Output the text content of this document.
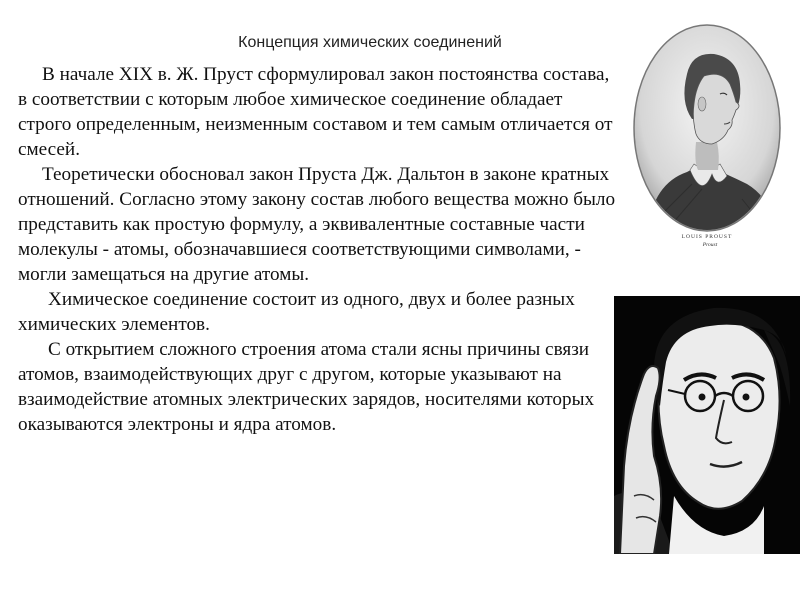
Концепция химических соединений

В начале XIX в. Ж. Пруст сформулировал закон постоянства состава, в соответствии с которым любое химическое соединение обладает строго определенным, неизменным составом и тем самым отличается от смесей.

Теоретически обосновал закон Пруста Дж. Дальтон в законе кратных отношений. Согласно этому закону состав любого вещества можно было представить как простую формулу, а эквивалентные составные части молекулы - атомы, обозначавшиеся соответствующими символами, - могли замещаться на другие атомы.

Химическое соединение состоит из одного, двух и более разных химических элементов.

С открытием сложного строения атома стали ясны причины связи атомов, взаимодействующих друг с другом, которые указывают на взаимодействие атомных электрических зарядов, носителями которых оказываются электроны и ядра атомов.

LOUIS PROUST
Proust
